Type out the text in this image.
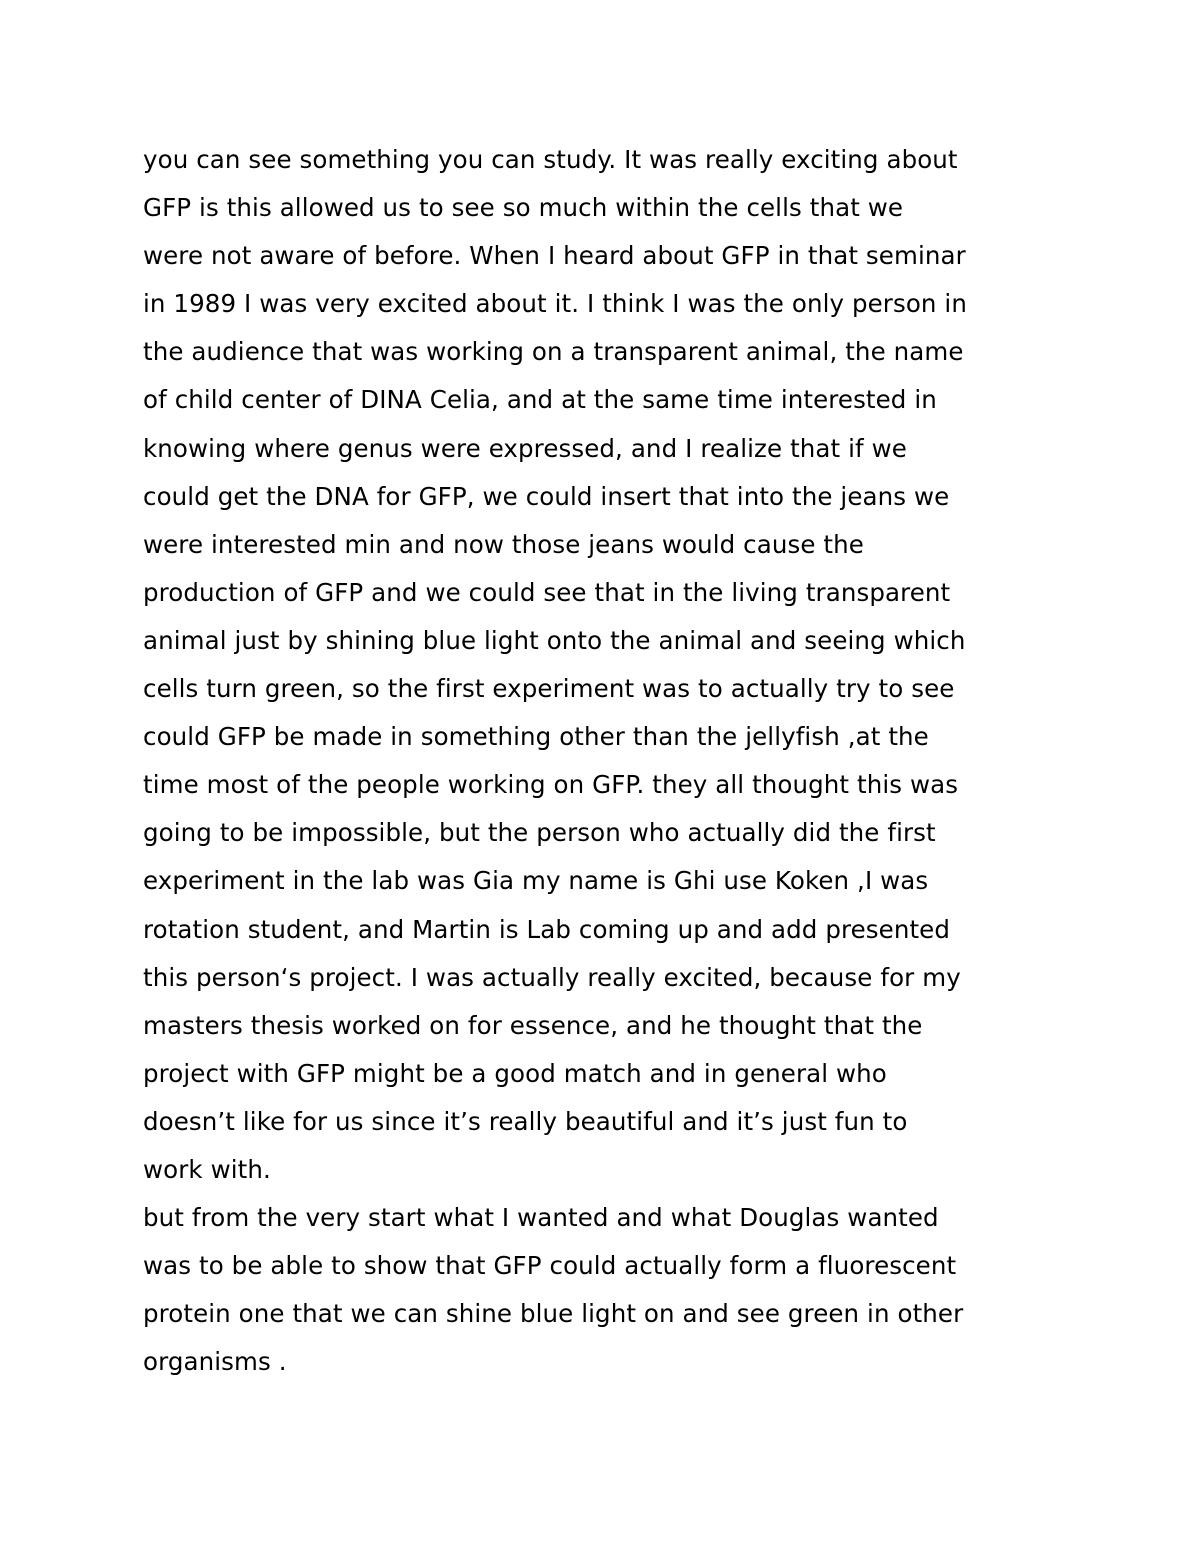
you can see something you can study. It was really exciting about
GFP is this allowed us to see so much within the cells that we
were not aware of before. When I heard about GFP in that seminar
in 1989 I was very excited about it. I think I was the only person in
the audience that was working on a transparent animal, the name
of child center of DINA Celia, and at the same time interested in
knowing where genus were expressed, and I realize that if we
could get the DNA for GFP, we could insert that into the jeans we
were interested min and now those jeans would cause the
production of GFP and we could see that in the living transparent
animal just by shining blue light onto the animal and seeing which
cells turn green, so the first experiment was to actually try to see
could GFP be made in something other than the jellyfish ,at the
time most of the people working on GFP. they all thought this was
going to be impossible, but the person who actually did the first
experiment in the lab was Gia my name is Ghi use Koken ,I was
rotation student, and Martin is Lab coming up and add presented
this person‘s project. I was actually really excited, because for my
masters thesis worked on for essence, and he thought that the
project with GFP might be a good match and in general who
doesn’t like for us since it’s really beautiful and it’s just fun to
work with.
but from the very start what I wanted and what Douglas wanted
was to be able to show that GFP could actually form a fluorescent
protein one that we can shine blue light on and see green in other
organisms .
